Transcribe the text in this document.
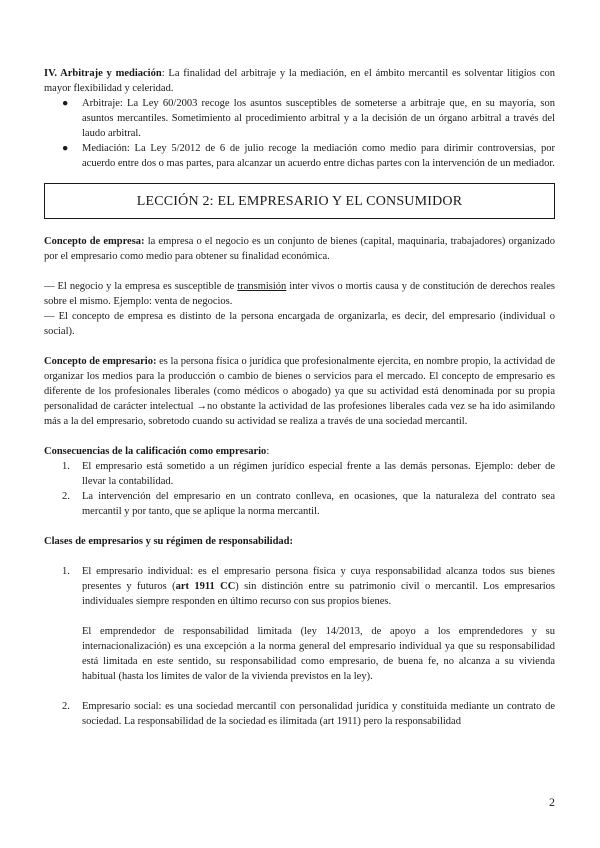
IV. Arbitraje y mediación: La finalidad del arbitraje y la mediación, en el ámbito mercantil es solventar litigios con mayor flexibilidad y celeridad.

● Arbitraje: La Ley 60/2003 recoge los asuntos susceptibles de someterse a arbitraje que, en su mayoría, son asuntos mercantiles. Sometimiento al procedimiento arbitral y a la decisión de un órgano arbitral a través del laudo arbitral.
● Mediación: La Ley 5/2012 de 6 de julio recoge la mediación como medio para dirimir controversias, por acuerdo entre dos o mas partes, para alcanzar un acuerdo entre dichas partes con la intervención de un mediador.
LECCIÓN 2: EL EMPRESARIO Y EL CONSUMIDOR

Concepto de empresa: la empresa o el negocio es un conjunto de bienes (capital, maquinaria, trabajadores) organizado por el empresario como medio para obtener su finalidad económica.

— El negocio y la empresa es susceptible de transmisión inter vivos o mortis causa y de constitución de derechos reales sobre el mismo. Ejemplo: venta de negocios.

— El concepto de empresa es distinto de la persona encargada de organizarla, es decir, del empresario (individual o social).

Concepto de empresario: es la persona física o jurídica que profesionalmente ejercita, en nombre propio, la actividad de organizar los medios para la producción o cambio de bienes o servicios para el mercado. El concepto de empresario es diferente de los profesionales liberales (como médicos o abogado) ya que su actividad está denominada por su propia personalidad de carácter intelectual →no obstante la actividad de las profesiones liberales cada vez se ha ido asimilando más a la del empresario, sobretodo cuando su actividad se realiza a través de una sociedad mercantil.

Consecuencias de la calificación como empresario:

1. El empresario está sometido a un régimen jurídico especial frente a las demás personas. Ejemplo: deber de llevar la contabilidad.
2. La intervención del empresario en un contrato conlleva, en ocasiones, que la naturaleza del contrato sea mercantil y por tanto, que se aplique la norma mercantil.

Clases de empresarios y su régimen de responsabilidad:

1. El empresario individual: es el empresario persona física y cuya responsabilidad alcanza todos sus bienes presentes y futuros (art 1911 CC) sin distinción entre su patrimonio civil o mercantil. Los empresarios individuales siempre responden en último recurso con sus propios bienes.

El emprendedor de responsabilidad limitada (ley 14/2013, de apoyo a los emprendedores y su internacionalización) es una excepción a la norma general del empresario individual ya que su responsabilidad está limitada en este sentido, su responsabilidad como empresario, de buena fe, no alcanza a su vivienda habitual (hasta los límites de valor de la vivienda previstos en la ley).

2. Empresario social: es una sociedad mercantil con personalidad jurídica y constituida mediante un contrato de sociedad. La responsabilidad de la sociedad es ilimitada (art 1911) pero la responsabilidad
2
